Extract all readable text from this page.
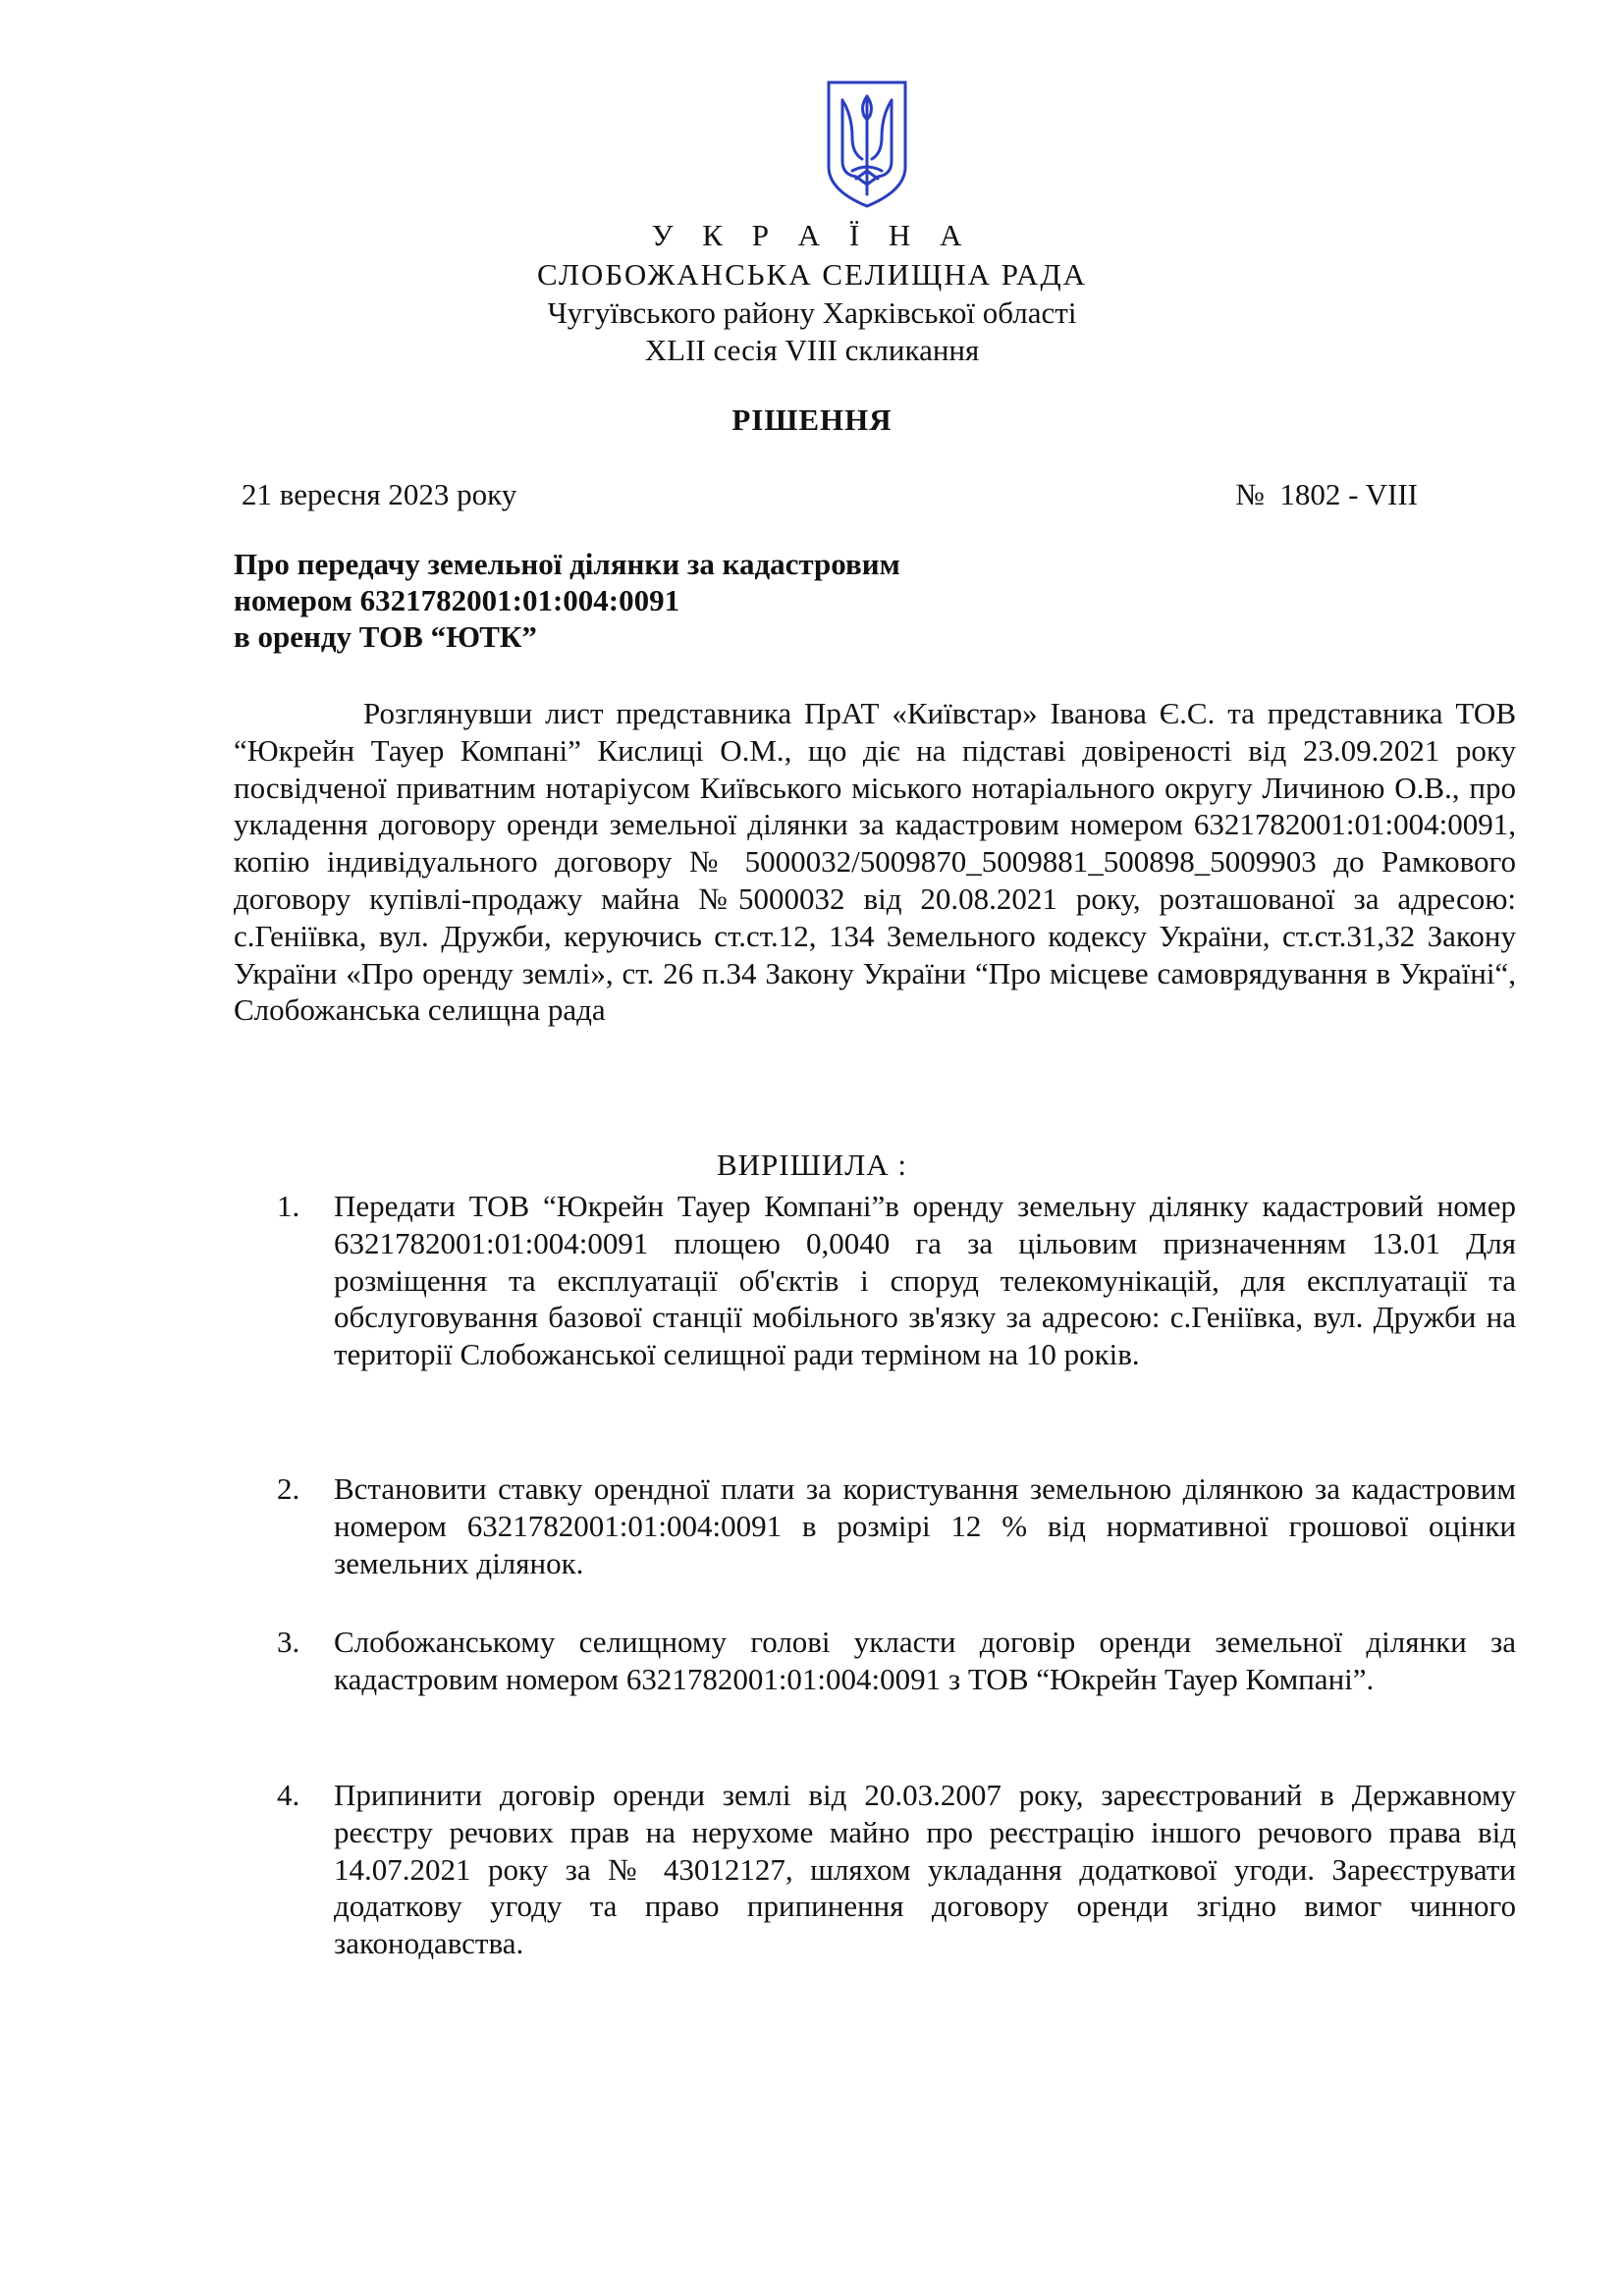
У К Р А Ї Н А
СЛОБОЖАНСЬКА СЕЛИЩНА РАДА
Чугуївського району Харківської області
XLII сесія VIII скликання
РІШЕННЯ
21 вересня 2023 року	№  1802 - VIII
Про передачу земельної ділянки за кадастровим
номером 6321782001:01:004:0091
в оренду ТОВ “ЮТК”

Розглянувши лист представника ПрАТ «Київстар» Іванова Є.С. та представника ТОВ “Юкрейн Тауер Компані” Кислиці О.М., що діє на підставі довіреності від 23.09.2021 року посвідченої приватним нотаріусом Київського міського нотаріального округу Личиною О.В., про укладення договору оренди земельної ділянки за кадастровим номером 6321782001:01:004:0091, копію індивідуального договору № 5000032/5009870_5009881_500898_5009903 до Рамкового договору купівлі-продажу майна №5000032 від 20.08.2021 року, розташованої за адресою: с.Геніївка, вул. Дружби, керуючись ст.ст.12, 134 Земельного кодексу України, ст.ст.31,32 Закону України «Про оренду землі», ст. 26 п.34 Закону України “Про місцеве самоврядування в Україні“, Слобожанська селищна рада

ВИРІШИЛА :
1.	Передати ТОВ “Юкрейн Тауер Компані”в оренду земельну ділянку кадастровий номер 6321782001:01:004:0091 площею 0,0040 га за цільовим призначенням 13.01 Для розміщення та експлуатації об'єктів і споруд телекомунікацій, для експлуатації та обслуговування базової станції мобільного зв'язку за адресою: с.Геніївка, вул. Дружби на території Слобожанської селищної ради терміном на 10 років.
2.	Встановити ставку орендної плати за користування земельною ділянкою за кадастровим номером 6321782001:01:004:0091 в розмірі 12 % від нормативної грошової оцінки земельних ділянок.
3.	Слобожанському селищному голові укласти договір оренди земельної ділянки за кадастровим номером 6321782001:01:004:0091 з ТОВ “Юкрейн Тауер Компані”.
4.	Припинити договір оренди землі від 20.03.2007 року, зареєстрований в Державному реєстру речових прав на нерухоме майно про реєстрацію іншого речового права від 14.07.2021 року за № 43012127, шляхом укладання додаткової угоди. Зареєструвати додаткову угоду та право припинення договору оренди згідно вимог чинного законодавства.
